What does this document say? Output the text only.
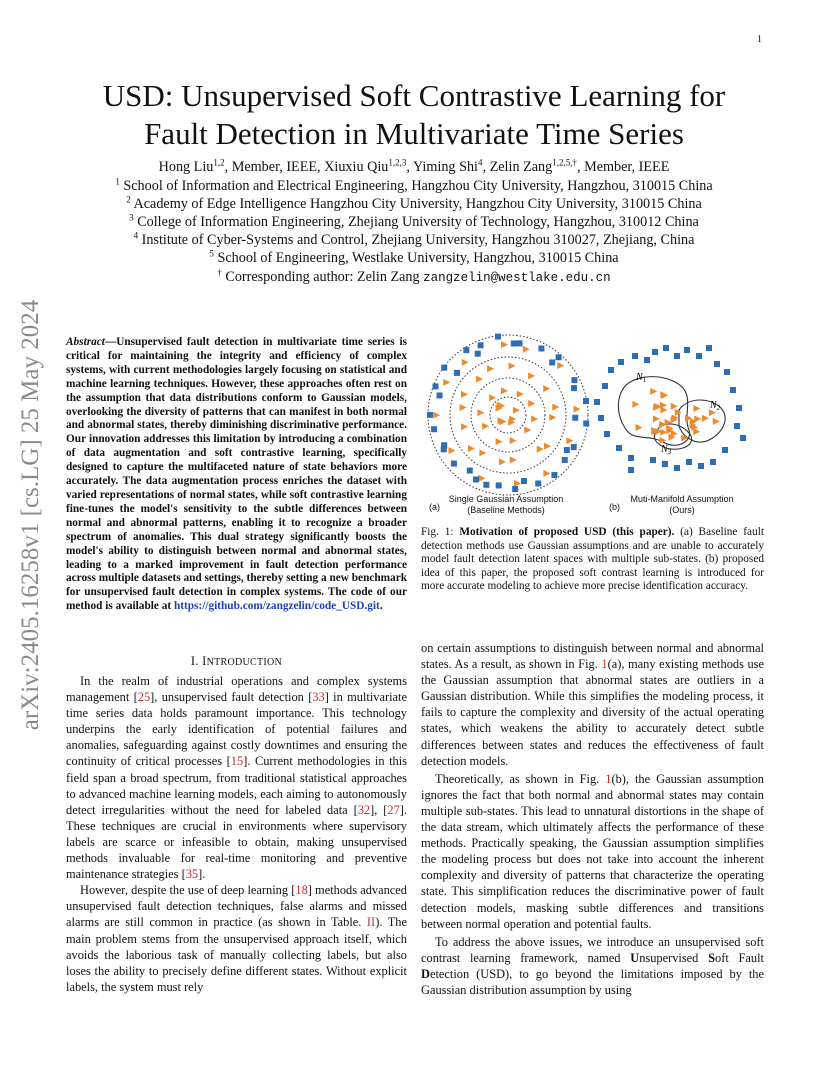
1
arXiv:2405.16258v1 [cs.LG] 25 May 2024
USD: Unsupervised Soft Contrastive Learning for
Fault Detection in Multivariate Time Series
Hong Liu$^{1,2}$, Member, IEEE, Xiuxiu Qiu$^{1,2,3}$, Yiming Shi$^4$, Zelin Zang$^{1,2,5,\dagger}$, Member, IEEE
$^1$ School of Information and Electrical Engineering, Hangzhou City University, Hangzhou, 310015 China
$^2$ Academy of Edge Intelligence Hangzhou City University, Hangzhou City University, 310015 China
$^3$ College of Information Engineering, Zhejiang University of Technology, Hangzhou, 310012 China
$^4$ Institute of Cyber-Systems and Control, Zhejiang University, Hangzhou 310027, Zhejiang, China
$^5$ School of Engineering, Westlake University, Hangzhou, 310015 China
† Corresponding author: Zelin Zang zangzelin@westlake.edu.cn
Abstract—Unsupervised fault detection in multivariate time series is critical for maintaining the integrity and efficiency of complex systems, with current methodologies largely focusing on statistical and machine learning techniques. However, these approaches often rest on the assumption that data distributions conform to Gaussian models, overlooking the diversity of patterns that can manifest in both normal and abnormal states, thereby diminishing discriminative performance. Our innovation addresses this limitation by introducing a combination of data augmentation and soft contrastive learning, specifically designed to capture the multifaceted nature of state behaviors more accurately. The data augmentation process enriches the dataset with varied representations of normal states, while soft contrastive learning fine-tunes the model's sensitivity to the subtle differences between normal and abnormal patterns, enabling it to recognize a broader spectrum of anomalies. This dual strategy significantly boosts the model's ability to distinguish between normal and abnormal states, leading to a marked improvement in fault detection performance across multiple datasets and settings, thereby setting a new benchmark for unsupervised fault detection in complex systems. The code of our method is available at https://github.com/zangzelin/code_USD.git.
I. INTRODUCTION

In the realm of industrial operations and complex systems management [25], unsupervised fault detection [33] in multivariate time series data holds paramount importance. This technology underpins the early identification of potential failures and anomalies, safeguarding against costly downtimes and ensuring the continuity of critical processes [15]. Current methodologies in this field span a broad spectrum, from traditional statistical approaches to advanced machine learning models, each aiming to autonomously detect irregularities without the need for labeled data [32], [27]. These techniques are crucial in environments where supervisory labels are scarce or infeasible to obtain, making unsupervised methods invaluable for real-time monitoring and preventive maintenance strategies [35].

However, despite the use of deep learning [18] methods advanced unsupervised fault detection techniques, false alarms and missed alarms are still common in practice (as shown in Table. II). The main problem stems from the unsupervised approach itself, which avoids the laborious task of manually collecting labels, but also loses the ability to precisely define different states. Without explicit labels, the system must rely

$N_1$
$N_2$
$N_3$
(a)
Single Gaussian Assumption
(Baseline Methods)	(b)
Muti-Manifold Assumption
(Ours)
Fig. 1: Motivation of proposed USD (this paper). (a) Baseline fault detection methods use Gaussian assumptions and are unable to accurately model fault detection latent spaces with multiple sub-states. (b) proposed idea of this paper, the proposed soft contrast learning is introduced for more accurate modeling to achieve more precise identification accuracy.

on certain assumptions to distinguish between normal and abnormal states. As a result, as shown in Fig. 1(a), many existing methods use the Gaussian assumption that abnormal states are outliers in a Gaussian distribution. While this simplifies the modeling process, it fails to capture the complexity and diversity of the actual operating states, which weakens the ability to accurately detect subtle differences between states and reduces the effectiveness of fault detection models.

Theoretically, as shown in Fig. 1(b), the Gaussian assumption ignores the fact that both normal and abnormal states may contain multiple sub-states. This lead to unnatural distortions in the shape of the data stream, which ultimately affects the performance of these methods. Practically speaking, the Gaussian assumption simplifies the modeling process but does not take into account the inherent complexity and diversity of patterns that characterize the operating state. This simplification reduces the discriminative power of fault detection models, masking subtle differences and transitions between normal operation and potential faults.

To address the above issues, we introduce an unsupervised soft contrast learning framework, named Unsupervised Soft Fault Detection (USD), to go beyond the limitations imposed by the Gaussian distribution assumption by using
